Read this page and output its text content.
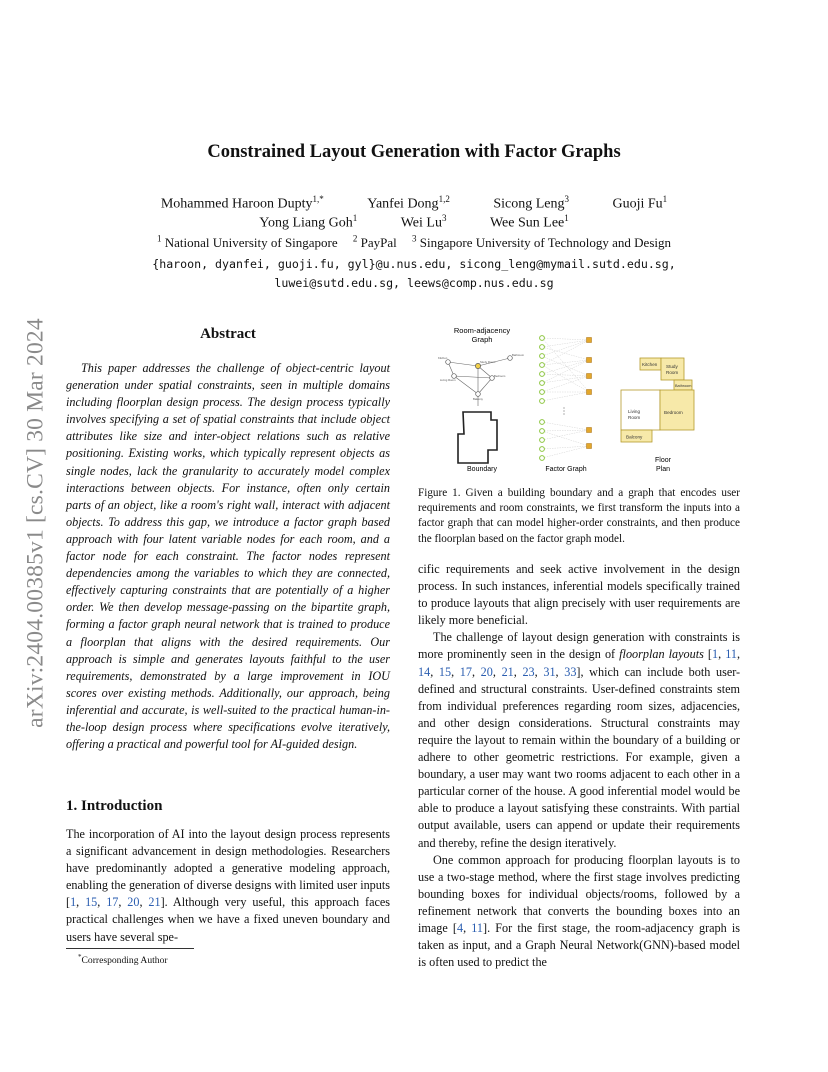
arXiv:2404.00385v1 [cs.CV] 30 Mar 2024
Constrained Layout Generation with Factor Graphs
Mohammed Haroon Dupty$^{1,*}$	Yanfei Dong$^{1,2}$	Sicong Leng$^3$	Guoji Fu$^1$
Yong Liang Goh$^1$	Wei Lu$^3$	Wee Sun Lee$^1$
$^1$ National University of Singapore $^2$ PayPal $^3$ Singapore University of Technology and Design
{haroon, dyanfei, guoji.fu, gyl}@u.nus.edu, sicong_leng@mymail.sutd.edu.sg,
luwei@sutd.edu.sg, leews@comp.nus.edu.sg
Abstract

This paper addresses the challenge of object-centric layout generation under spatial constraints, seen in multiple domains including floorplan design process. The design process typically involves specifying a set of spatial constraints that include object attributes like size and inter-object relations such as relative positioning. Existing works, which typically represent objects as single nodes, lack the granularity to accurately model complex interactions between objects. For instance, often only certain parts of an object, like a room's right wall, interact with adjacent objects. To address this gap, we introduce a factor graph based approach with four latent variable nodes for each room, and a factor node for each constraint. The factor nodes represent dependencies among the variables to which they are connected, effectively capturing constraints that are potentially of a higher order. We then develop message-passing on the bipartite graph, forming a factor graph neural network that is trained to produce a floorplan that aligns with the desired requirements. Our approach is simple and generates layouts faithful to the user requirements, demonstrated by a large improvement in IOU scores over existing methods. Additionally, our approach, being inferential and accurate, is well-suited to the practical human-in-the-loop design process where specifications evolve iteratively, offering a practical and powerful tool for AI-guided design.

1. Introduction

The incorporation of AI into the layout design process represents a significant advancement in design methodologies. Researchers have predominantly adopted a generative modeling approach, enabling the generation of diverse designs with limited user inputs [1, 15, 17, 20, 21]. Although very useful, this approach faces practical challenges when we have a fixed uneven boundary and users have several spe-

*Corresponding Author
Room-adjacency
Graph
Kitchen
Bathroom
Study Room
Living Room
Bedroom
Balcony
Boundary	Factor Graph
Kitchen Study
Room
Bathroom
Living
Room
Bedroom
Balcony
Floor
Plan
Figure 1. Given a building boundary and a graph that encodes user requirements and room constraints, we first transform the inputs into a factor graph that can model higher-order constraints, and then produce the floorplan based on the factor graph model.

cific requirements and seek active involvement in the design process. In such instances, inferential models specifically trained to produce layouts that align precisely with user requirements are likely more beneficial.

The challenge of layout design generation with constraints is more prominently seen in the design of floorplan layouts [1, 11, 14, 15, 17, 20, 21, 23, 31, 33], which can include both user-defined and structural constraints. User-defined constraints stem from individual preferences regarding room sizes, adjacencies, and other design considerations. Structural constraints may require the layout to remain within the boundary of a building or adhere to other geometric restrictions. For example, given a boundary, a user may want two rooms adjacent to each other in a particular corner of the house. A good inferential model would be able to produce a layout satisfying these constraints. With partial output available, users can append or update their requirements and thereby, refine the design iteratively.

One common approach for producing floorplan layouts is to use a two-stage method, where the first stage involves predicting bounding boxes for individual objects/rooms, followed by a refinement network that converts the bounding boxes into an image [4, 11]. For the first stage, the room-adjacency graph is taken as input, and a Graph Neural Network(GNN)-based model is often used to predict the
